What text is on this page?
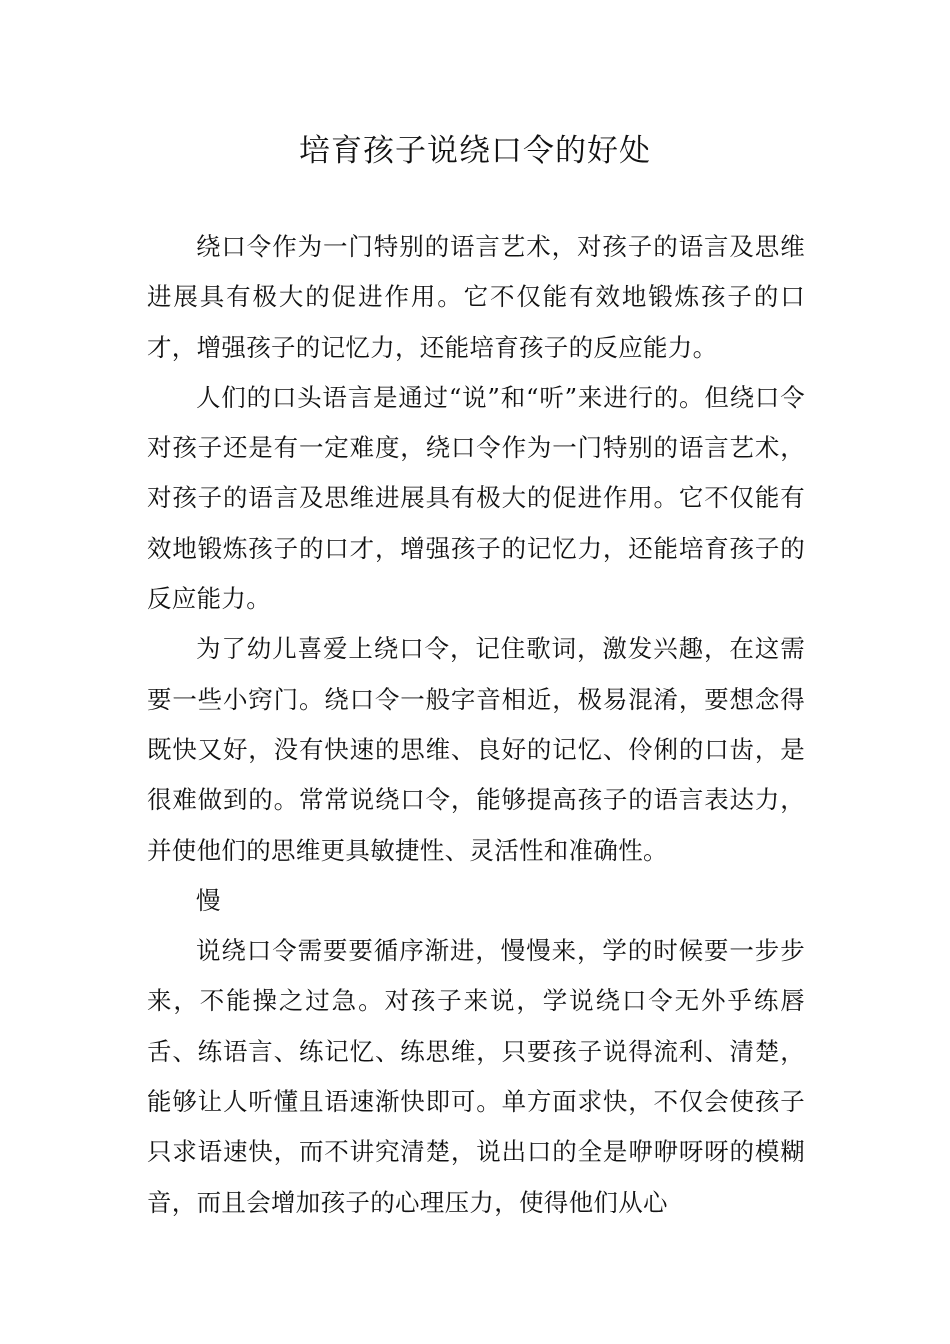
培育孩子说绕口令的好处

绕口令作为一门特别的语言艺术，对孩子的语言及思维进展具有极大的促进作用。它不仅能有效地锻炼孩子的口才，增强孩子的记忆力，还能培育孩子的反应能力。

人们的口头语言是通过“说”和“听”来进行的。但绕口令对孩子还是有一定难度，绕口令作为一门特别的语言艺术，对孩子的语言及思维进展具有极大的促进作用。它不仅能有效地锻炼孩子的口才，增强孩子的记忆力，还能培育孩子的反应能力。

为了幼儿喜爱上绕口令，记住歌词，激发兴趣，在这需要一些小窍门。绕口令一般字音相近，极易混淆，要想念得既快又好，没有快速的思维、良好的记忆、伶俐的口齿，是很难做到的。常常说绕口令，能够提高孩子的语言表达力，并使他们的思维更具敏捷性、灵活性和准确性。

慢

说绕口令需要要循序渐进，慢慢来，学的时候要一步步来，不能操之过急。对孩子来说，学说绕口令无外乎练唇舌、练语言、练记忆、练思维，只要孩子说得流利、清楚，能够让人听懂且语速渐快即可。单方面求快，不仅会使孩子只求语速快，而不讲究清楚，说出口的全是咿咿呀呀的模糊音，而且会增加孩子的心理压力，使得他们从心
